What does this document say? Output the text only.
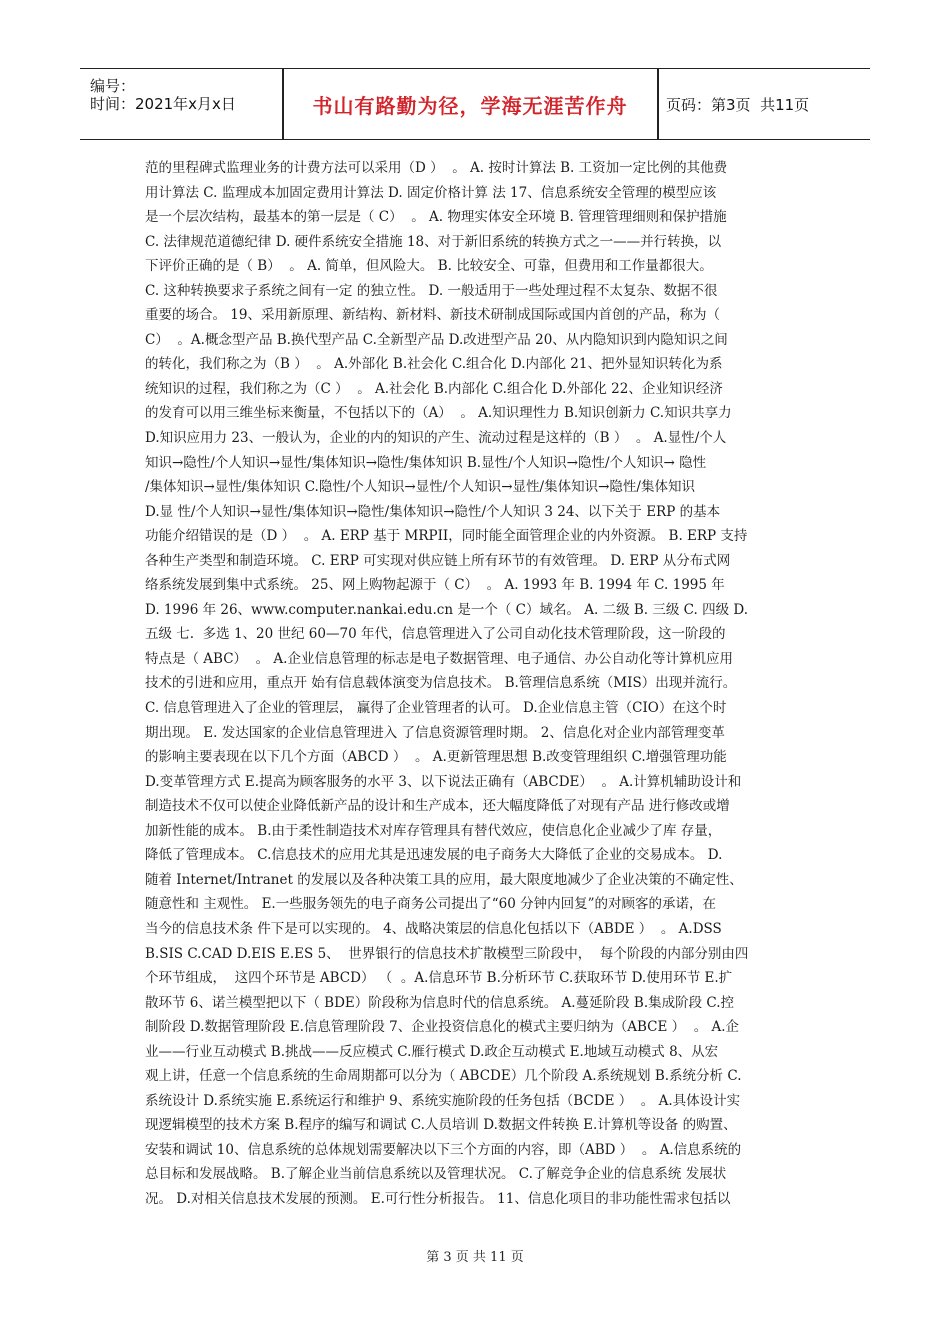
编号：
时间：2021年x月x日	书山有路勤为径，学海无涯苦作舟	页码：第3页  共11页
范的里程碑式监理业务的计费方法可以采用（D ）  。 A. 按时计算法 B. 工资加一定比例的其他费
用计算法 C. 监理成本加固定费用计算法 D. 固定价格计算 法 17、信息系统安全管理的模型应该
是一个层次结构，最基本的第一层是（ C）  。 A. 物理实体安全环境 B. 管理管理细则和保护措施
C. 法律规范道德纪律 D. 硬件系统安全措施 18、对于新旧系统的转换方式之一——并行转换，以
下评价正确的是（ B）  。 A. 简单，但风险大。 B. 比较安全、可靠，但费用和工作量都很大。
C. 这种转换要求子系统之间有一定 的独立性。 D. 一般适用于一些处理过程不太复杂、数据不很
重要的场合。 19、采用新原理、新结构、新材料、新技术研制成国际或国内首创的产品，称为（
C）  。A.概念型产品 B.换代型产品 C.全新型产品 D.改进型产品 20、从内隐知识到内隐知识之间
的转化，我们称之为（B ）  。 A.外部化 B.社会化 C.组合化 D.内部化 21、把外显知识转化为系
统知识的过程，我们称之为（C ）  。 A.社会化 B.内部化 C.组合化 D.外部化 22、企业知识经济
的发育可以用三维坐标来衡量，不包括以下的（A）  。 A.知识理性力 B.知识创新力 C.知识共享力
D.知识应用力 23、一般认为，企业的内的知识的产生、流动过程是这样的（B ）  。 A.显性/个人
知识→隐性/个人知识→显性/集体知识→隐性/集体知识 B.显性/个人知识→隐性/个人知识→ 隐性
/集体知识→显性/集体知识 C.隐性/个人知识→显性/个人知识→显性/集体知识→隐性/集体知识
D.显 性/个人知识→显性/集体知识→隐性/集体知识→隐性/个人知识 3 24、以下关于 ERP 的基本
功能介绍错误的是（D ）  。 A. ERP 基于 MRPII，同时能全面管理企业的内外资源。 B. ERP 支持
各种生产类型和制造环境。 C. ERP 可实现对供应链上所有环节的有效管理。 D. ERP 从分布式网
络系统发展到集中式系统。 25、网上购物起源于（ C）  。 A. 1993 年 B. 1994 年 C. 1995 年
D. 1996 年 26、www.computer.nankai.edu.cn 是一个（ C）域名。 A. 二级 B. 三级 C. 四级 D.
五级 七.  多选 1、20 世纪 60—70 年代，信息管理进入了公司自动化技术管理阶段，这一阶段的
特点是（ ABC）  。 A.企业信息管理的标志是电子数据管理、电子通信、办公自动化等计算机应用
技术的引进和应用，重点开 始有信息载体演变为信息技术。 B.管理信息系统（MIS）出现并流行。
C. 信息管理进入了企业的管理层， 赢得了企业管理者的认可。 D.企业信息主管（CIO）在这个时
期出现。 E. 发达国家的企业信息管理进入 了信息资源管理时期。 2、信息化对企业内部管理变革
的影响主要表现在以下几个方面（ABCD ）  。 A.更新管理思想 B.改变管理组织 C.增强管理功能
D.变革管理方式 E.提高为顾客服务的水平 3、以下说法正确有（ABCDE）  。 A.计算机辅助设计和
制造技术不仅可以使企业降低新产品的设计和生产成本，还大幅度降低了对现有产品 进行修改或增
加新性能的成本。 B.由于柔性制造技术对库存管理具有替代效应，使信息化企业减少了库 存量，
降低了管理成本。 C.信息技术的应用尤其是迅速发展的电子商务大大降低了企业的交易成本。 D.
随着 Internet/Intranet 的发展以及各种决策工具的应用，最大限度地减少了企业决策的不确定性、
随意性和 主观性。 E.一些服务领先的电子商务公司提出了“60 分钟内回复”的对顾客的承诺，在
当今的信息技术条 件下是可以实现的。 4、战略决策层的信息化包括以下（ABDE ）  。 A.DSS
B.SIS C.CAD D.EIS E.ES 5、  世界银行的信息技术扩散模型三阶段中，  每个阶段的内部分别由四
个环节组成，  这四个环节是 ABCD） （  。A.信息环节 B.分析环节 C.获取环节 D.使用环节 E.扩
散环节 6、诺兰模型把以下（ BDE）阶段称为信息时代的信息系统。 A.蔓延阶段 B.集成阶段 C.控
制阶段 D.数据管理阶段 E.信息管理阶段 7、企业投资信息化的模式主要归纳为（ABCE ）  。 A.企
业——行业互动模式 B.挑战——反应模式 C.雁行模式 D.政企互动模式 E.地域互动模式 8、从宏
观上讲，任意一个信息系统的生命周期都可以分为（ ABCDE）几个阶段 A.系统规划 B.系统分析 C.
系统设计 D.系统实施 E.系统运行和维护 9、系统实施阶段的任务包括（BCDE ）  。 A.具体设计实
现逻辑模型的技术方案 B.程序的编写和调试 C.人员培训 D.数据文件转换 E.计算机等设备 的购置、
安装和调试 10、信息系统的总体规划需要解决以下三个方面的内容，即（ABD ）  。 A.信息系统的
总目标和发展战略。 B.了解企业当前信息系统以及管理状况。 C.了解竞争企业的信息系统 发展状
况。 D.对相关信息技术发展的预测。 E.可行性分析报告。 11、信息化项目的非功能性需求包括以
第 3 页 共 11 页
